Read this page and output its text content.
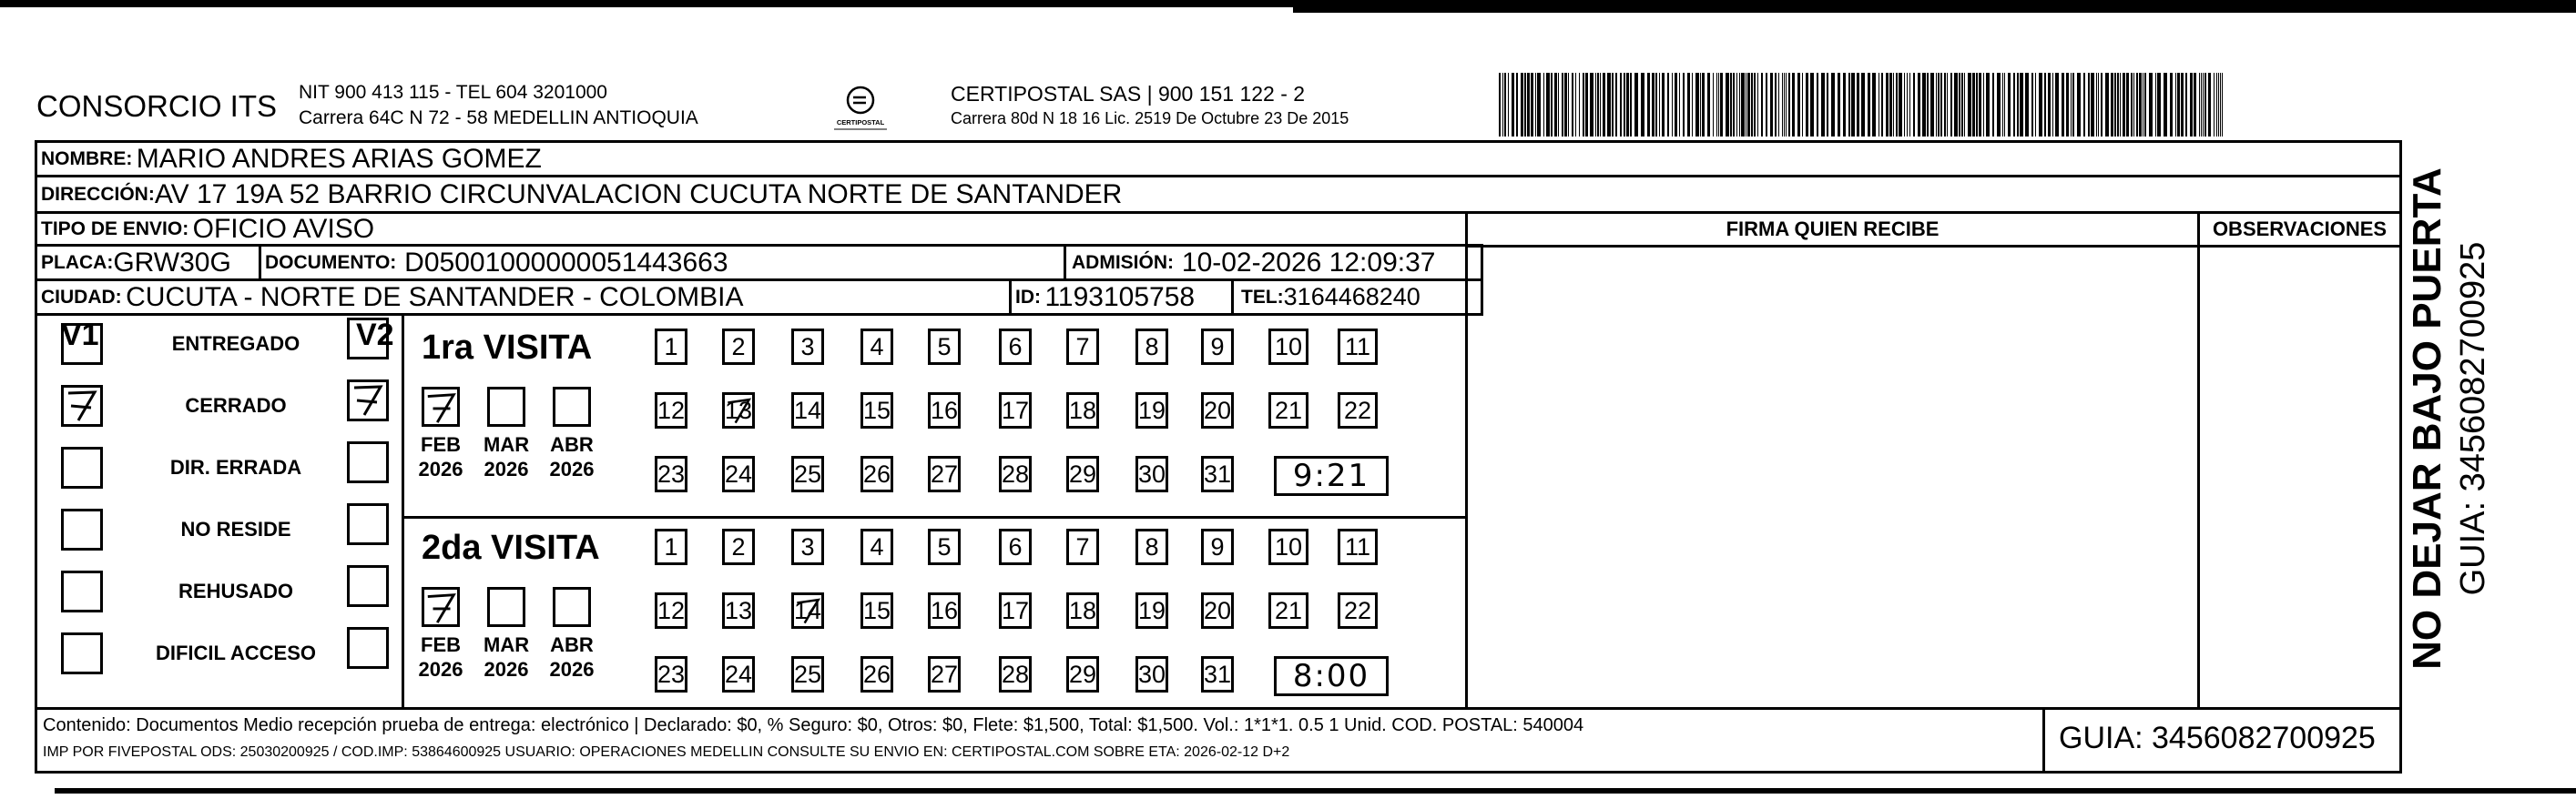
CONSORCIO ITS NIT 900 413 115 - TEL 604 3201000
Carrera 64C N 72 - 58 MEDELLIN ANTIOQUIA	CERTIPOSTAL
CERTIPOSTAL SAS | 900 151 122 - 2
Carrera 80d N 18 16 Lic. 2519 De Octubre 23 De 2015
NOMBRE:
MARIO ANDRES ARIAS GOMEZ
DIRECCIÓN: AV 17 19A 52 BARRIO CIRCUNVALACION CUCUTA NORTE DE SANTANDER
TIPO DE ENVIO:
OFICIO AVISO
PLACA: GRW30G DOCUMENTO:
D05001000000051443663	ADMISIÓN:
10-02-2026 12:09:37
CIUDAD:
CUCUTA - NORTE DE SANTANDER - COLOMBIA	ID:
1193105758 TEL: 3164468240
FIRMA QUIEN RECIBE	OBSERVACIONES
V1	V2
ENTREGADO
CERRADO
DIR. ERRADA
NO RESIDE
REHUSADO
DIFICIL ACCESO
1ra VISITA
FEB
2026
MAR
2026
ABR
2026
1 2 3 4 5 6 7 8 9 10 11
12 13 14 15 16 17 18 19 20 21 22
23 24 25 26 27 28 29 30 31	9:21
2da VISITA
FEB
2026
MAR
2026
ABR
2026
1 2 3 4 5 6 7 8 9 10 11
12 13 14 15 16 17 18 19 20 21 22
23 24 25 26 27 28 29 30 31	8:00
Contenido: Documentos Medio recepción prueba de entrega: electrónico | Declarado: $0, % Seguro: $0, Otros: $0, Flete: $1,500, Total: $1,500. Vol.: 1*1*1. 0.5 1 Unid. COD. POSTAL: 540004
IMP POR FIVEPOSTAL ODS: 25030200925 / COD.IMP: 53864600925 USUARIO: OPERACIONES MEDELLIN CONSULTE SU ENVIO EN: CERTIPOSTAL.COM SOBRE ETA: 2026-02-12 D+2	GUIA: 3456082700925
NO DEJAR BAJO PUERTA GUIA: 3456082700925
